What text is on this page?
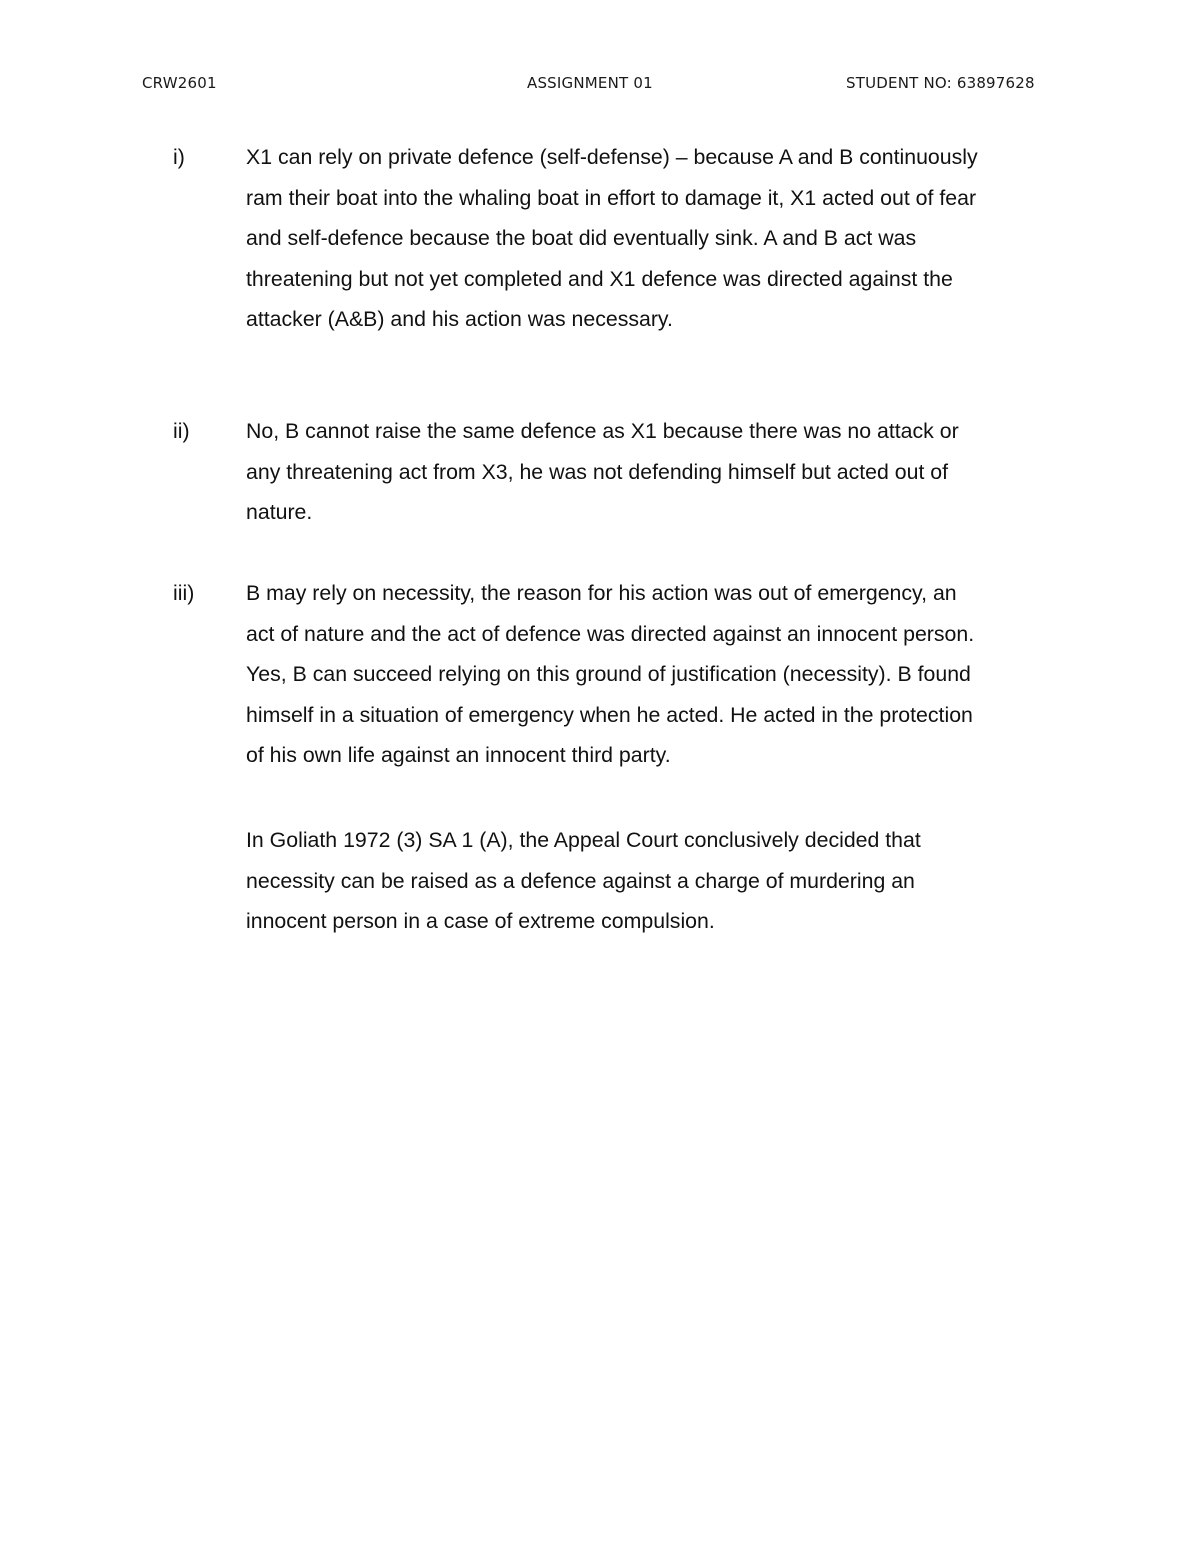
CRW2601	ASSIGNMENT 01	STUDENT NO: 63897628
i)	X1 can rely on private defence (self-defense) – because A and B continuously
ram their boat into the whaling boat in effort to damage it, X1 acted out of fear
and self-defence because the boat did eventually sink. A and B act was
threatening but not yet completed and X1 defence was directed against the
attacker (A&B) and his action was necessary.
ii)	No, B cannot raise the same defence as X1 because there was no attack or
any threatening act from X3, he was not defending himself but acted out of
nature.
iii) B may rely on necessity, the reason for his action was out of emergency, an
act of nature and the act of defence was directed against an innocent person.
Yes, B can succeed relying on this ground of justification (necessity). B found
himself in a situation of emergency when he acted. He acted in the protection
of his own life against an innocent third party.
In Goliath 1972 (3) SA 1 (A), the Appeal Court conclusively decided that
necessity can be raised as a defence against a charge of murdering an
innocent person in a case of extreme compulsion.
